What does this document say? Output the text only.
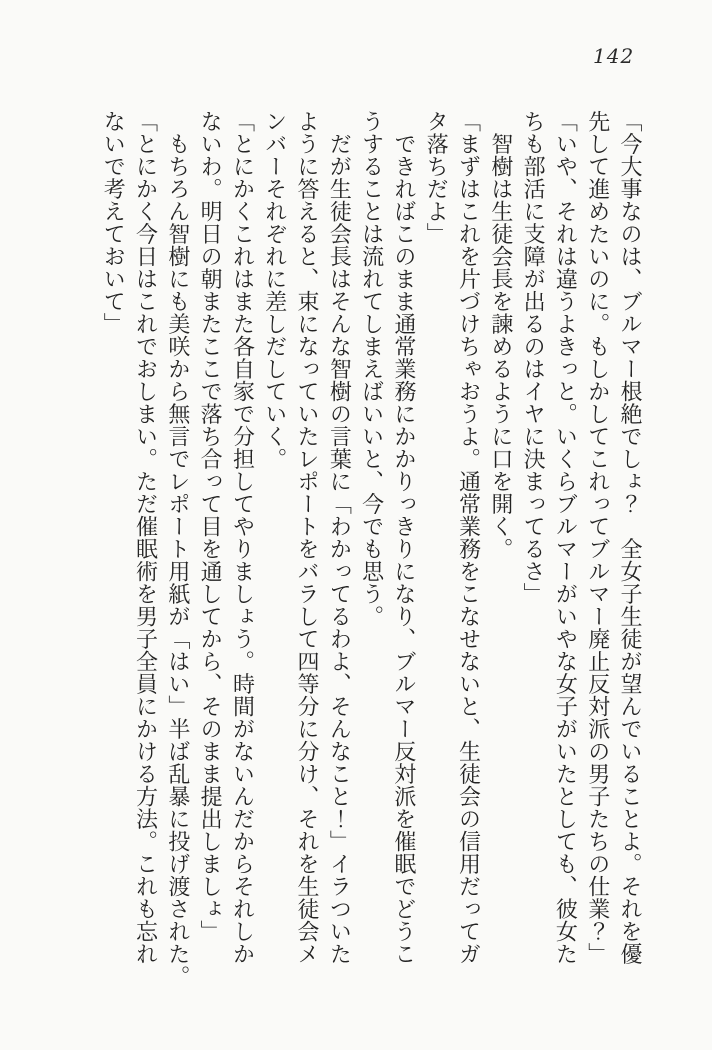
142

「今大事なのは、ブルマー根絶でしょ？　全女子生徒が望んでいることよ。それを優

先して進めたいのに。もしかしてこれってブルマー廃止反対派の男子たちの仕業？」

「いや、それは違うよきっと。いくらブルマーがいやな女子がいたとしても、彼女た

ちも部活に支障が出るのはイヤに決まってるさ」

　智樹は生徒会長を諫めるように口を開く。

「まずはこれを片づけちゃおうよ。通常業務をこなせないと、生徒会の信用だってガ

タ落ちだよ」

　できればこのまま通常業務にかかりっきりになり、ブルマー反対派を催眠でどうこ

うすることは流れてしまえばいいと、今でも思う。

　だが生徒会長はそんな智樹の言葉に「わかってるわよ、そんなこと！」イラついた

ように答えると、束になっていたレポートをバラして四等分に分け、それを生徒会メ

ンバーそれぞれに差しだしていく。

「とにかくこれはまた各自家で分担してやりましょう。時間がないんだからそれしか

ないわ。明日の朝またここで落ち合って目を通してから、そのまま提出しましょ」

　もちろん智樹にも美咲から無言でレポート用紙が「はい」半ば乱暴に投げ渡された。

「とにかく今日はこれでおしまい。ただ催眠術を男子全員にかける方法。これも忘れ

ないで考えておいて」
